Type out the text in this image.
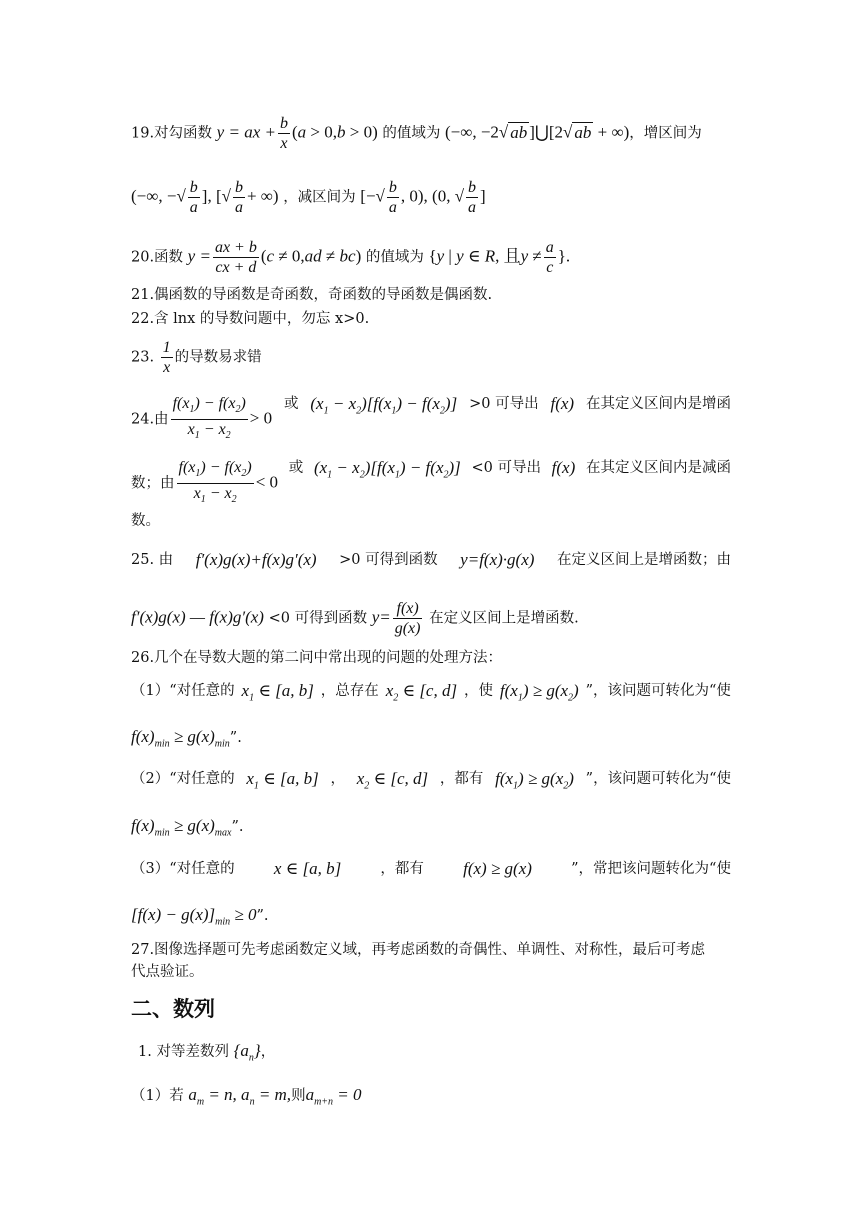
19.对勾函数 y = ax + $\frac{b}{x} (a > 0,b > 0)$ 的值域为 (−∞, −2√ ab ]⋃[2√ ab + ∞)，增区间为
(−∞, −√ $\frac{b}{a}$ ], [√ $\frac{b}{a}$ + ∞) ，减区间为 [−√ $\frac{b}{a}$ , 0), (0, √ $\frac{b}{a}$ ]
20.函数 $y = \frac{ax + b}{cx + d} (c \ne 0,ad \ne bc)$ 的值域为 {y | y ∈ R, 且$y \ne \frac{a}{c}$ }.
21.偶函数的导函数是奇函数，奇函数的导函数是偶函数.
22.含 lnx 的导数问题中，勿忘 x>0.
23. $\frac{1}{x}$ 的导数易求错
24.由 $\frac{f(x_1) - f(x_2)}{x_1 - x_2} > 0$
或 $(x_1 - x_2)[f(x_1) - f(x_2)] >0$ 可导出 f(x) 在其定义区间内是增函
数；由 $\frac{f(x_1) - f(x_2)}{x_1 - x_2} < 0$
或 $(x_1 - x_2)[f(x_1) - f(x_2)] <0$ 可导出 f(x) 在其定义区间内是减函
数。
25. 由 f′(x)g(x)+f(x)g′(x) >0 可得到函数 y=f(x)·g(x) 在定义区间上是增函数；由
f′(x)g(x) — f(x)g′(x) <0 可得到函数 $y= \frac{f(x)}{g(x)}$ 在定义区间上是增函数.
26.几个在导数大题的第二问中常出现的问题的处理方法：
（1）“对任意的 $x_1$ ∈ [a, b] ，总存在 $x_2$ ∈ [c, d] ，使 $f(x_1) \ge g(x_2)$ ”，该问题可转化为“使
$f(x)_{min} \ge g(x)_{min}$”.
（2）“对任意的 $x_1$ ∈ [a, b] ， $x_2$ ∈ [c, d] ，都有 $f(x_1) \ge g(x_2)$ ”，该问题可转化为“使
$f(x)_{min} \ge g(x)_{max}$”.
（3）“对任意的 x ∈ [a, b]	，都有 f(x) ≥ g(x)	”，常把该问题转化为“使
$[f(x) - g(x)]_{min} \ge 0$”.
27.图像选择题可先考虑函数定义域，再考虑函数的奇偶性、单调性、对称性，最后可考虑
代点验证。
二、数列
1. 对等差数列 $\{a_n\}$，
（1）若 $a_m = n$, $a_n = m$,则$a_{m+n} = 0$
